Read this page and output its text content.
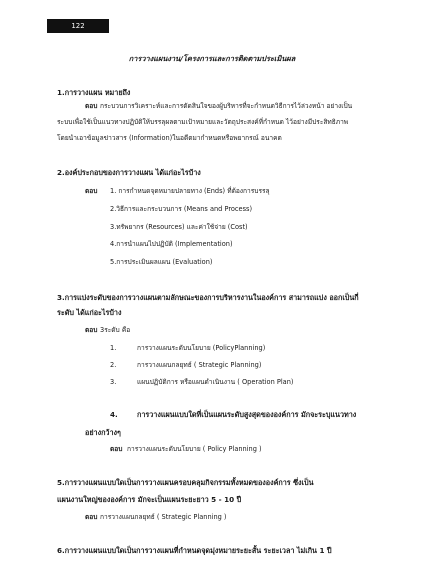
122
การวางแผนงาน/โครงการและการติดตามประเมินผล
1.การวางแผน หมายถึง
ตอบ กระบวนการวิเคราะห์และการตัดสินใจของผู้บริหารที่จะกำหนดวิธีการไว้ล่วงหน้า อย่างเป็น
ระบบเพื่อใช้เป็นแนวทางปฏิบัติให้บรรลุผลตามเป้าหมายและวัตถุประสงค์ที่กำหนด ไว้อย่างมีประสิทธิภาพ
โดยนำเอาข้อมูลข่าวสาร (Information)ในอดีตมากำหนดหรือพยากรณ์ อนาคต
2.องค์ประกอบของการวางแผน ได้แก่อะไรบ้าง
ตอบ 1. การกำหนดจุดหมายปลายทาง (Ends) ที่ต้องการบรรลุ
2.วิธีการและกระบวนการ (Means and Process)
3.ทรัพยากร (Resources) และค่าใช้จ่าย (Cost)
4.การนำแผนไปปฏิบัติ (Implementation)
5.การประเมินผลแผน (Evaluation)
3.การแบ่งระดับของการวางแผนตามลักษณะของการบริหารงานในองค์การ สามารถแบ่ง ออกเป็นกี่
ระดับ ได้แก่อะไรบ้าง
ตอบ 3ระดับ คือ
1.	การวางแผนระดับนโยบาย (PolicyPlanning)
2.	การวางแผนกลยุทธ์ ( Strategic Planning)
3.	แผนปฏิบัติการ หรือแผนดำเนินงาน ( Operation Plan)
4.	การวางแผนแบบใดที่เป็นแผนระดับสูงสุดขององค์การ มักจะระบุแนวทาง
อย่างกว้างๆ
ตอบ การวางแผนระดับนโยบาย ( Policy Planning )
5.การวางแผนแบบใดเป็นการวางแผนครอบคลุมกิจกรรมทั้งหมดขององค์การ ซึ่งเป็น
แผนงานใหญ่ขององค์การ มักจะเป็นแผนระยะยาว 5 - 10 ปี
ตอบ การวางแผนกลยุทธ์ ( Strategic Planning )
6.การวางแผนแบบใดเป็นการวางแผนที่กำหนดจุดมุ่งหมายระยะสั้น ระยะเวลา ไม่เกิน 1 ปี
